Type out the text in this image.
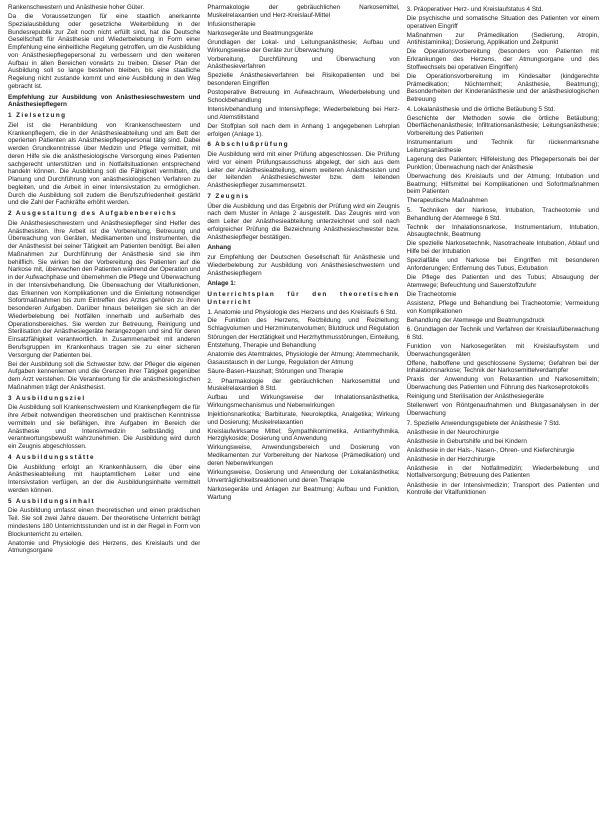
Rankenschwestern und Anästhesie hoher Güter.

Da die Voraussetzungen für eine staatlich anerkannte Spezialausbildung oder gesetzliche Weiterbildung in der Bundesrepublik zur Zeit noch nicht erfüllt sind, hat die Deutsche Gesellschaft für Anästhesie und Wiederbelebung in Form einer Empfehlung eine einheitliche Regelung getroffen, um die Ausbildung von Anästhesiepflegepersonal zu verbessern und den weiteren Aufbau in allen Bereichen vorwärts zu treiben. Dieser Plan der Ausbildung soll so lange bestehen bleiben, bis eine staatliche Regelung nicht zustande kommt und eine Ausbildung in den Weg gebracht ist.

Empfehlung zur Ausbildung von Anästhesieschwestern und Anästhesiepflegern

1 Zielsetzung

Ziel ist die Heranbildung von Krankenschwestern und Krankenpflegern, die in der Anästhesieabteilung und am Bett der operierten Patienten als Anästhesiepflegepersonal tätig sind. Dabei werden Grundkenntnisse über Medizin und Pflege vermittelt, mit deren Hilfe sie die anästhesiologische Versorgung eines Patienten sachgerecht unterstützen und in Notfallsituationen entsprechend handeln können. Die Ausbildung soll die Fähigkeit vermitteln, die Planung und Durchführung von anästhesiologischen Verfahren zu begleiten, und die Arbeit in einer Intensivstation zu ermöglichen. Durch die Ausbildung soll zudem die Berufszufriedenheit gestärkt und die Zahl der Fachkräfte erhöht werden.

2 Ausgestaltung des Aufgabenbereichs

Die Anästhesieschwestern und Anästhesiepfleger sind Helfer des Anästhesisten. Ihre Arbeit ist die Vorbereitung, Betreuung und Überwachung von Geräten, Medikamenten und Instrumenten, die der Anästhesist bei seiner Tätigkeit am Patienten benötigt. Bei allen Maßnahmen zur Durchführung der Anästhesie sind sie ihm behilflich. Sie wirken bei der Vorbereitung des Patienten auf die Narkose mit, überwachen den Patienten während der Operation und in der Aufwachphase und übernehmen die Pflege und Überwachung in der Intensivbehandlung. Die Überwachung der Vitalfunktionen, das Erkennen von Komplikationen und die Einleitung notwendiger Sofortmaßnahmen bis zum Eintreffen des Arztes gehören zu ihren besonderen Aufgaben. Darüber hinaus beteiligen sie sich an der Wiederbelebung bei Notfällen innerhalb und außerhalb des Operationsbereiches. Sie werden zur Betreuung, Reinigung und Sterilisation der Anästhesiegeräte herangezogen und sind für deren Einsatzfähigkeit verantwortlich. In Zusammenarbeit mit anderen Berufsgruppen im Krankenhaus tragen sie zu einer sicheren Versorgung der Patienten bei.

Bei der Ausbildung soll die Schwester bzw. der Pfleger die eigenen Aufgaben kennenlernen und die Grenzen ihrer Tätigkeit gegenüber dem Arzt verstehen. Die Verantwortung für die anästhesiologischen Maßnahmen trägt der Anästhesist.

3 Ausbildungsziel

Die Ausbildung soll Krankenschwestern und Krankenpflegern die für ihre Arbeit notwendigen theoretischen und praktischen Kenntnisse vermitteln und sie befähigen, ihre Aufgaben im Bereich der Anästhesie und Intensivmedizin selbständig und verantwortungsbewußt wahrzunehmen. Die Ausbildung wird durch ein Zeugnis abgeschlossen.

4 Ausbildungsstätte

Die Ausbildung erfolgt an Krankenhäusern, die über eine Anästhesieabteilung mit hauptamtlichem Leiter und eine Intensivstation verfügen, an der die Ausbildungsinhalte vermittelt werden können.

5 Ausbildungsinhalt

Die Ausbildung umfasst einen theoretischen und einen praktischen Teil. Sie soll zwei Jahre dauern. Der theoretische Unterricht beträgt mindestens 180 Unterrichtsstunden und ist in der Regel in Form von Blockunterricht zu erteilen.

Anatomie und Physiologie des Herzens, des Kreislaufs und der Atmungsorgane

Pharmakologie der gebräuchlichen Narkosemittel, Muskelrelaxantien und Herz-Kreislauf-Mittel

Infusionstherapie

Narkosegeräte und Beatmungsgeräte

Grundlagen der Lokal- und Leitungsanästhesie; Aufbau und Wirkungsweise der Geräte zur Überwachung

Vorbereitung, Durchführung und Überwachung von Anästhesieverfahren

Spezielle Anästhesieverfahren bei Risikopatienten und bei besonderen Eingriffen

Postoperative Betreuung im Aufwachraum, Wiederbelebung und Schockbehandlung

Intensivbehandlung und Intensivpflege; Wiederbelebung bei Herz- und Atemstillstand

Der Stoffplan soll nach dem in Anhang 1 angegebenen Lehrplan erfolgen (Anlage 1).

6 Abschlußprüfung

Die Ausbildung wird mit einer Prüfung abgeschlossen. Die Prüfung wird vor einem Prüfungsausschuss abgelegt, der sich aus dem Leiter der Anästhesieabteilung, einem weiteren Anästhesisten und der leitenden Anästhesieschwester bzw. dem leitenden Anästhesiepfleger zusammensetzt.

7 Zeugnis

Über die Ausbildung und das Ergebnis der Prüfung wird ein Zeugnis nach dem Muster in Anlage 2 ausgestellt. Das Zeugnis wird von dem Leiter der Anästhesieabteilung unterzeichnet und soll nach erfolgreicher Prüfung die Bezeichnung Anästhesieschwester bzw. Anästhesiepfleger bestätigen.

Anhang

zur Empfehlung der Deutschen Gesellschaft für Anästhesie und Wiederbelebung zur Ausbildung von Anästhesieschwestern und Anästhesiepflegern

Anlage 1:

Unterrichtsplan für den theoretischen Unterricht

1. Anatomie und Physiologie des Herzens und des Kreislaufs 6 Std.

Die Funktion des Herzens, Reizbildung und Reizleitung; Schlagvolumen und Herzminutenvolumen; Blutdruck und Regulation

Störungen der Herztätigkeit und Herzrhythmusstörungen, Einteilung, Entstehung, Therapie und Behandlung

Anatomie des Atemtraktes, Physiologie der Atmung; Atemmechanik, Gasaustausch in der Lunge, Regulation der Atmung

Säure-Basen-Haushalt; Störungen und Therapie

2. Pharmakologie der gebräuchlichen Narkosemittel und Muskelrelaxantien 8 Std.

Aufbau und Wirkungsweise der Inhalationsanästhetika, Wirkungsmechanismus und Nebenwirkungen

Injektionsnarkotika; Barbiturate, Neuroleptika, Analgetika; Wirkung und Dosierung; Muskelrelaxantien

Kreislaufwirksame Mittel; Sympathikomimetika, Antiarrhythmika, Herzglykoside; Dosierung und Anwendung

Wirkungsweise, Anwendungsbereich und Dosierung von Medikamenten zur Vorbereitung der Narkose (Prämedikation) und deren Nebenwirkungen

Wirkungsweise, Dosierung und Anwendung der Lokalanästhetika; Unverträglichkeitsreaktionen und deren Therapie

Narkosegeräte und Anlagen zur Beatmung; Aufbau und Funktion, Wartung

3. Präoperativer Herz- und Kreislaufstatus 4 Std.

Die psychische und somatische Situation des Patienten vor einem operativen Eingriff

Maßnahmen zur Prämedikation (Sedierung, Atropin, Antihistaminika); Dosierung, Applikation und Zeitpunkt

Die Operationsvorbereitung (besonders von Patienten mit Erkrankungen des Herzens, der Atmungsorgane und des Stoffwechsels bei operativen Eingriffen)

Die Operationsvorbereitung im Kindesalter (kindgerechte Prämedikation; Nüchternheit; Anästhesie, Beatmung); Besonderheiten der Kinderanästhesie und der anästhesiologischen Betreuung

4. Lokalanästhesie und die örtliche Betäubung 5 Std.

Geschichte der Methoden sowie die örtliche Betäubung; Oberflächenanästhesie; Infiltrationsanästhesie; Leitungsanästhesie; Vorbereitung des Patienten

Instrumentarium und Technik für rückenmarksnahe Leitungsanästhesie

Lagerung des Patienten; Hilfeleistung des Pflegepersonals bei der Punktion; Überwachung nach der Anästhesie

Überwachung des Kreislaufs und der Atmung; Intubation und Beatmung; Hilfsmittel bei Komplikationen und Sofortmaßnahmen beim Patienten

Therapeutische Maßnahmen

5. Techniken der Narkose, Intubation, Tracheotomie und Behandlung der Atemwege 6 Std.

Technik der Inhalationsnarkose, Instrumentarium, Intubation, Absaugtechnik, Beatmung

Die spezielle Narkosetechnik, Nasotracheale Intubation, Ablauf und Hilfe bei der Intubation

Spezialfälle und Narkose bei Eingriffen mit besonderen Anforderungen; Entfernung des Tubus, Extubation

Die Pflege des Patienten und des Tubus; Absaugung der Atemwege; Befeuchtung und Sauerstoffzufuhr

Die Tracheotomie

Assistenz, Pflege und Behandlung bei Tracheotomie; Vermeidung von Komplikationen

Behandlung der Atemwege und Beatmungsdruck

6. Grundlagen der Technik und Verfahren der Kreislaufüberwachung 6 Std.

Funktion von Narkosegeräten mit Kreislaufsystem und Überwachungsgeräten

Offene, halboffene und geschlossene Systeme; Gefahren bei der Inhalationsnarkose; Technik der Narkosemittelverdampfer

Praxis der Anwendung von Relaxantien und Narkosemitteln; Überwachung des Patienten und Führung des Narkoseprotokolls

Reinigung und Sterilisation der Anästhesiegeräte

Stellenwert von Röntgenaufnahmen und Blutgasanalysen in der Überwachung

7. Spezielle Anwendungsgebiete der Anästhesie 7 Std.

Anästhesie in der Neurochirurgie

Anästhesie in Geburtshilfe und bei Kindern

Anästhesie in der Hals-, Nasen-, Ohren- und Kieferchirurgie

Anästhesie in der Herzchirurgie

Anästhesie in der Notfallmedizin; Wiederbelebung und Notfallversorgung; Betreuung des Patienten

Anästhesie in der Intensivmedizin; Transport des Patienten und Kontrolle der Vitalfunktionen
